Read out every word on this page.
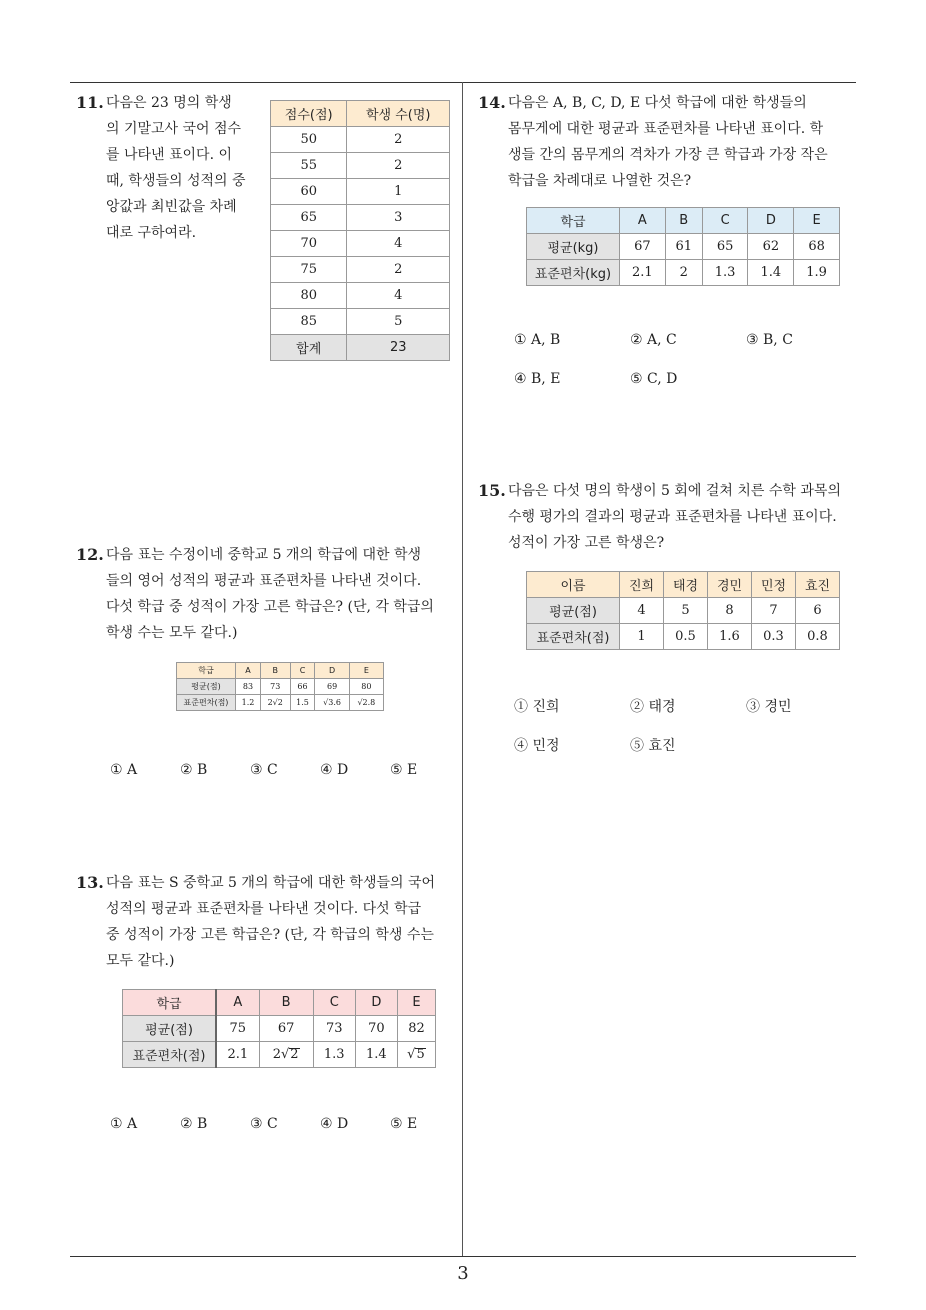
3
11. 다음은 23 명의 학생
의 기말고사 국어 점수
를 나타낸 표이다. 이
때, 학생들의 성적의 중
앙값과 최빈값을 차례
대로 구하여라.
점수(점)	학생 수(명)
50	2
55	2
60	1
65	3
70	4
75	2
80	4
85	5
합계	23
12. 다음 표는 수정이네 중학교 5 개의 학급에 대한 학생
들의 영어 성적의 평균과 표준편차를 나타낸 것이다.
다섯 학급 중 성적이 가장 고른 학급은? (단, 각 학급의
학생 수는 모두 같다.)
학급	A	B	C	D	E
평균(점)	83	73	66	69	80
표준편차(점)	1.2	2√2	1.5	√3.6	√2.8
① A	② B	③ C	④ D	⑤ E
13. 다음 표는 S 중학교 5 개의 학급에 대한 학생들의 국어
성적의 평균과 표준편차를 나타낸 것이다. 다섯 학급
중 성적이 가장 고른 학급은? (단, 각 학급의 학생 수는
모두 같다.)
학급	A	B	C	D	E
평균(점)	75	67	73	70	82
표준편차(점)	2.1	2√2	1.3	1.4	√5
① A	② B	③ C	④ D	⑤ E
14. 다음은 A, B, C, D, E 다섯 학급에 대한 학생들의
몸무게에 대한 평균과 표준편차를 나타낸 표이다. 학
생들 간의 몸무게의 격차가 가장 큰 학급과 가장 작은
학급을 차례대로 나열한 것은?
학급	A	B	C	D	E
평균(kg)	67	61	65	62	68
표준편차(kg)	2.1	2	1.3	1.4	1.9
① A, B	② A, C	③ B, C
④ B, E	⑤ C, D
15. 다음은 다섯 명의 학생이 5 회에 걸쳐 치른 수학 과목의
수행 평가의 결과의 평균과 표준편차를 나타낸 표이다.
성적이 가장 고른 학생은?
이름	진희	태경	경민	민정	효진
평균(점)	4	5	8	7	6
표준편차(점)	1	0.5	1.6	0.3	0.8
① 진희	② 태경	③ 경민
④ 민정	⑤ 효진
